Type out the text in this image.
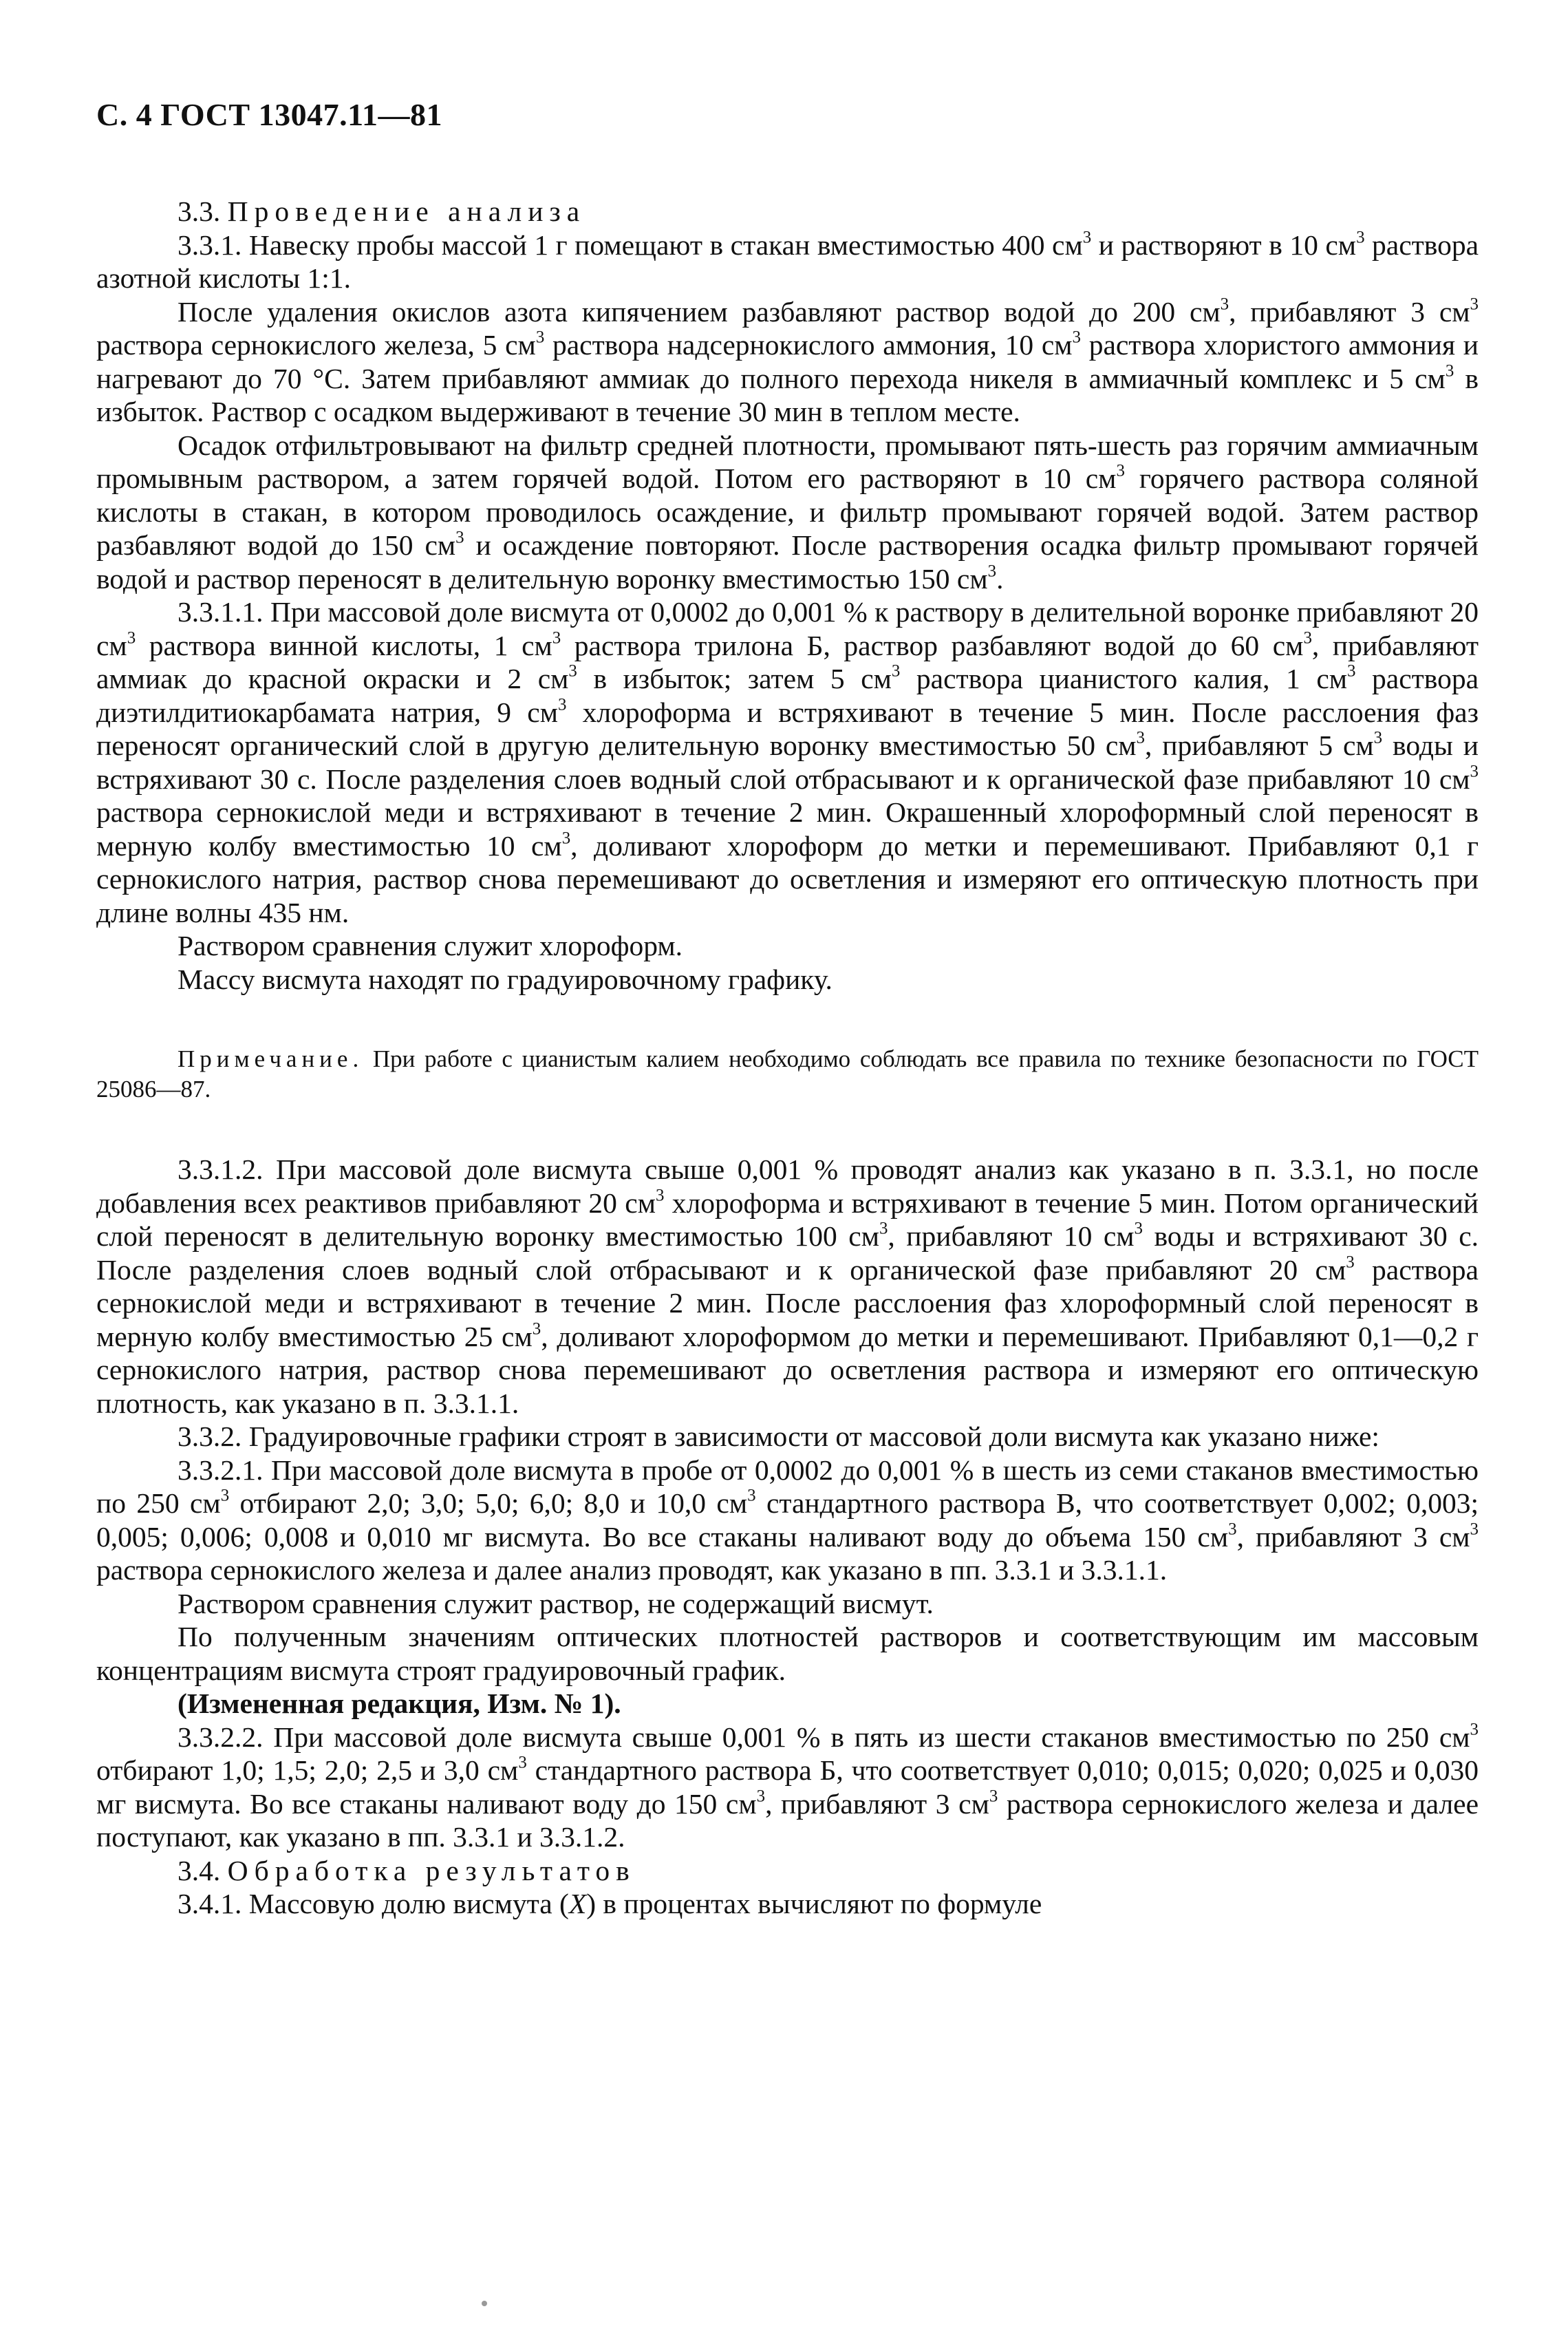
С. 4 ГОСТ 13047.11—81

3.3. Проведение анализа

3.3.1. Навеску пробы массой 1 г помещают в стакан вместимостью 400 $см^3$ и растворяют в 10 $см^3$ раствора азотной кислоты 1:1.

После удаления окислов азота кипячением разбавляют раствор водой до 200 $см^3$, прибавляют 3 $см^3$ раствора сернокислого железа, 5 $см^3$ раствора надсернокислого аммония, 10 $см^3$ раствора хлористого аммония и нагревают до 70 °С. Затем прибавляют аммиак до полного перехода никеля в аммиачный комплекс и 5 $см^3$ в избыток. Раствор с осадком выдерживают в течение 30 мин в теплом месте.

Осадок отфильтровывают на фильтр средней плотности, промывают пять-шесть раз горячим аммиачным промывным раствором, а затем горячей водой. Потом его растворяют в 10 $см^3$ горячего раствора соляной кислоты в стакан, в котором проводилось осаждение, и фильтр промывают горячей водой. Затем раствор разбавляют водой до 150 $см^3$ и осаждение повторяют. После растворения осадка фильтр промывают горячей водой и раствор переносят в делительную воронку вместимостью 150 $см^3$.

3.3.1.1. При массовой доле висмута от 0,0002 до 0,001 % к раствору в делительной воронке прибавляют 20 $см^3$ раствора винной кислоты, 1 $см^3$ раствора трилона Б, раствор разбавляют водой до 60 $см^3$, прибавляют аммиак до красной окраски и 2 $см^3$ в избыток; затем 5 $см^3$ раствора цианистого калия, 1 $см^3$ раствора диэтилдитиокарбамата натрия, 9 $см^3$ хлороформа и встряхивают в течение 5 мин. После расслоения фаз переносят органический слой в другую делительную воронку вместимостью 50 $см^3$, прибавляют 5 $см^3$ воды и встряхивают 30 с. После разделения слоев водный слой отбрасывают и к органической фазе прибавляют 10 $см^3$ раствора сернокислой меди и встряхивают в течение 2 мин. Окрашенный хлороформный слой переносят в мерную колбу вместимостью 10 $см^3$, доливают хлороформ до метки и перемешивают. Прибавляют 0,1 г сернокислого натрия, раствор снова перемешивают до осветления и измеряют его оптическую плотность при длине волны 435 нм.

Раствором сравнения служит хлороформ.

Массу висмута находят по градуировочному графику.

Примечание. При работе с цианистым калием необходимо соблюдать все правила по технике безопасности по ГОСТ 25086—87.

3.3.1.2. При массовой доле висмута свыше 0,001 % проводят анализ как указано в п. 3.3.1, но после добавления всех реактивов прибавляют 20 $см^3$ хлороформа и встряхивают в течение 5 мин. Потом органический слой переносят в делительную воронку вместимостью 100 $см^3$, прибавляют 10 $см^3$ воды и встряхивают 30 с. После разделения слоев водный слой отбрасывают и к органической фазе прибавляют 20 $см^3$ раствора сернокислой меди и встряхивают в течение 2 мин. После расслоения фаз хлороформный слой переносят в мерную колбу вместимостью 25 $см^3$, доливают хлороформом до метки и перемешивают. Прибавляют 0,1—0,2 г сернокислого натрия, раствор снова перемешивают до осветления раствора и измеряют его оптическую плотность, как указано в п. 3.3.1.1.

3.3.2. Градуировочные графики строят в зависимости от массовой доли висмута как указано ниже:

3.3.2.1. При массовой доле висмута в пробе от 0,0002 до 0,001 % в шесть из семи стаканов вместимостью по 250 $см^3$ отбирают 2,0; 3,0; 5,0; 6,0; 8,0 и 10,0 $см^3$ стандартного раствора В, что соответствует 0,002; 0,003; 0,005; 0,006; 0,008 и 0,010 мг висмута. Во все стаканы наливают воду до объема 150 $см^3$, прибавляют 3 $см^3$ раствора сернокислого железа и далее анализ проводят, как указано в пп. 3.3.1 и 3.3.1.1.

Раствором сравнения служит раствор, не содержащий висмут.

По полученным значениям оптических плотностей растворов и соответствующим им массовым концентрациям висмута строят градуировочный график.

(Измененная редакция, Изм. № 1).

3.3.2.2. При массовой доле висмута свыше 0,001 % в пять из шести стаканов вместимостью по 250 $см^3$ отбирают 1,0; 1,5; 2,0; 2,5 и 3,0 $см^3$ стандартного раствора Б, что соответствует 0,010; 0,015; 0,020; 0,025 и 0,030 мг висмута. Во все стаканы наливают воду до 150 $см^3$, прибавляют 3 $см^3$ раствора сернокислого железа и далее поступают, как указано в пп. 3.3.1 и 3.3.1.2.

3.4. Обработка результатов

3.4.1. Массовую долю висмута (X) в процентах вычисляют по формуле
